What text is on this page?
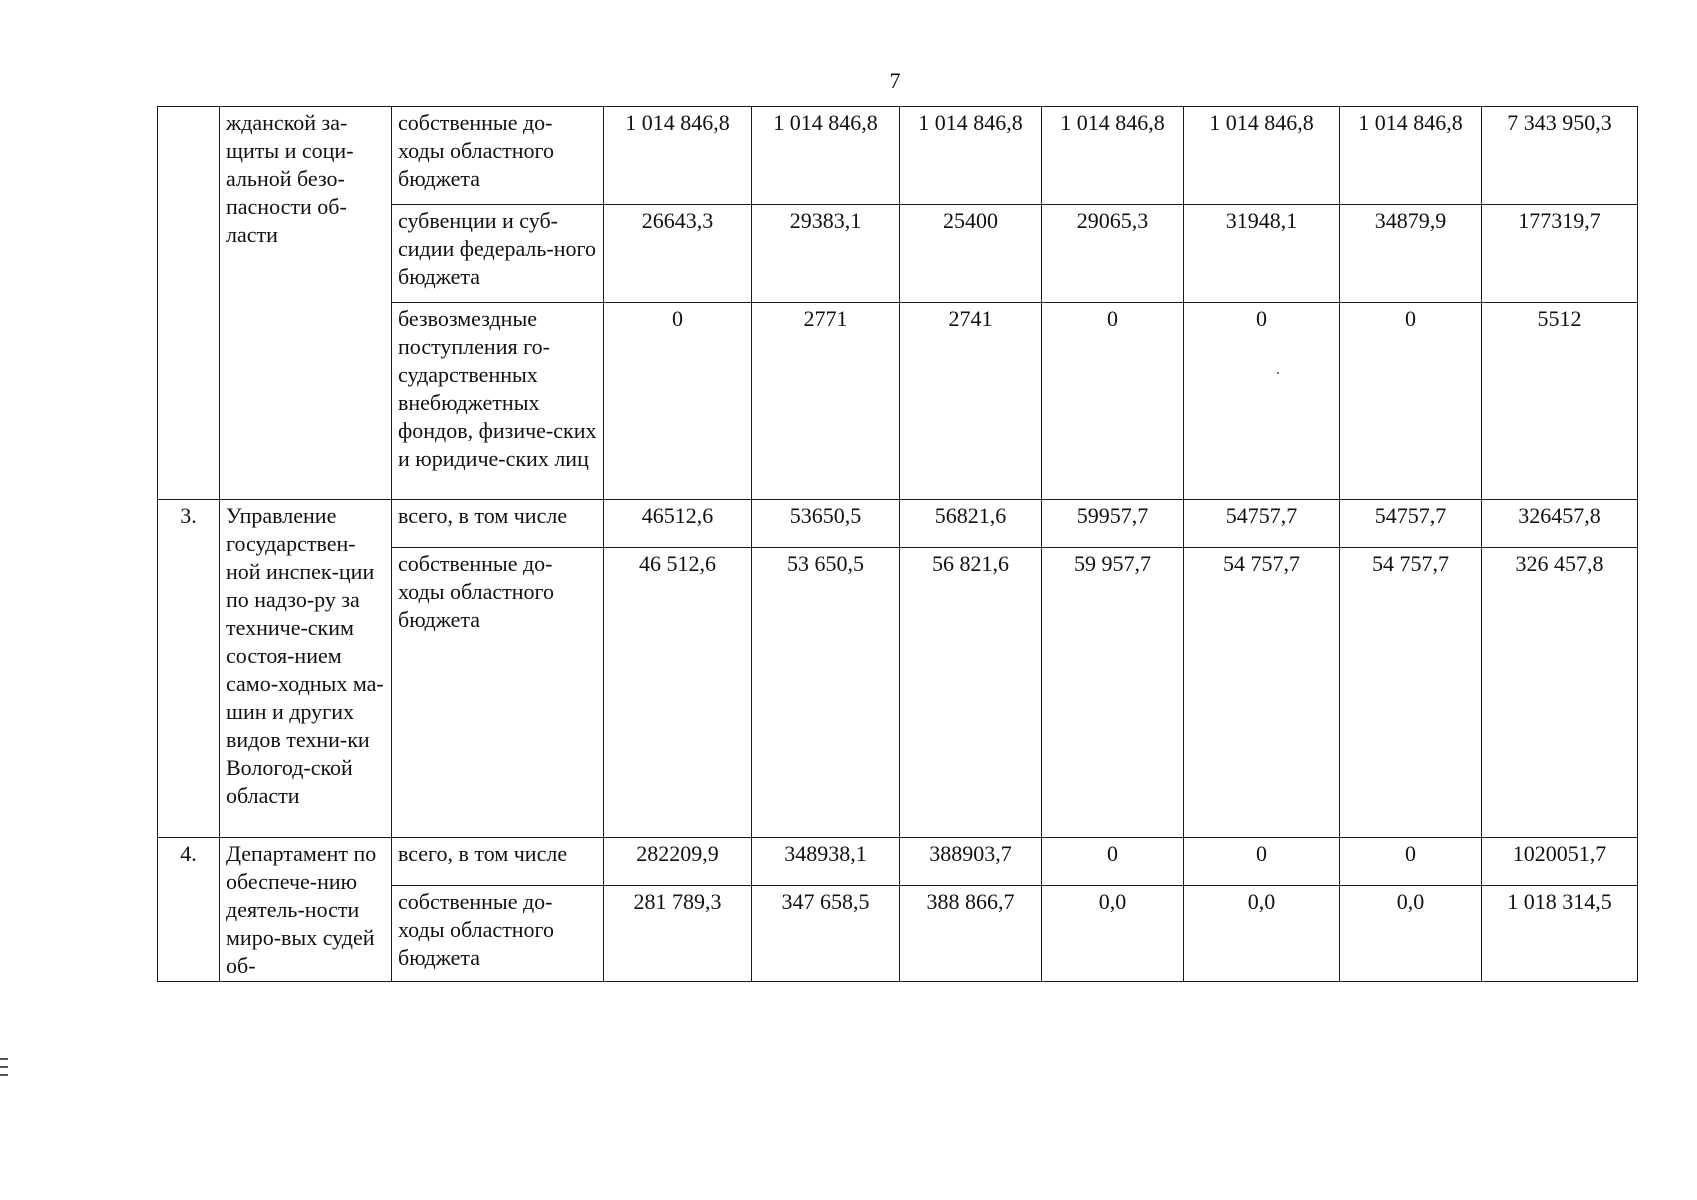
7
	жданской за-щиты и соци-альной безо-пасности об-ласти	собственные до-ходы областного бюджета	1 014 846,8	1 014 846,8	1 014 846,8	1 014 846,8	1 014 846,8	1 014 846,8	7 343 950,3
		субвенции и суб-сидии федераль-ного бюджета	26643,3	29383,1	25400	29065,3	31948,1	34879,9	177319,7
		безвозмездные поступления го-сударственных внебюджетных фондов, физиче-ских и юридиче-ских лиц	0	2771	2741	0	0	0	5512
3.	Управление государствен-ной инспек-ции по надзо-ру за техниче-ским состоя-нием само-ходных ма-шин и других видов техни-ки Вологод-ской области	всего, в том числе	46512,6	53650,5	56821,6	59957,7	54757,7	54757,7	326457,8
		собственные до-ходы областного бюджета	46 512,6	53 650,5	56 821,6	59 957,7	54 757,7	54 757,7	326 457,8
4.	Департамент по обеспече-нию деятель-ности миро-вых судей об-	всего, в том числе	282209,9	348938,1	388903,7	0	0	0	1020051,7
		собственные до-ходы областного бюджета	281 789,3	347 658,5	388 866,7	0,0	0,0	0,0	1 018 314,5
